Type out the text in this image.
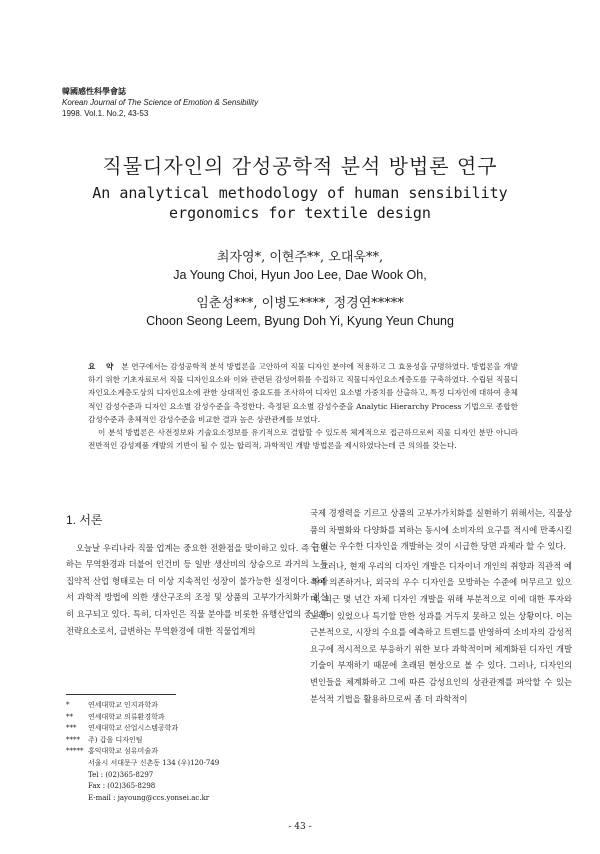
韓國感性科學會誌
Korean Journal of The Science of Emotion & Sensibility
1998. Vol.1. No.2, 43-53
직물디자인의 감성공학적 분석 방법론 연구
An analytical methodology of human sensibility
ergonomics for textile design
최자영*, 이현주**, 오대욱**,
Ja Young Choi, Hyun Joo Lee, Dae Wook Oh,
임춘성***, 이병도****, 정경연*****
Choon Seong Leem, Byung Doh Yi, Kyung Yeun Chung

요 약 본 연구에서는 감성공학적 분석 방법론을 고안하여 직물 디자인 분야에 적용하고 그 효용성을 규명하였다. 방법론을 개발하기 위한 기초자료로서 직물 디자인요소와 이와 관련된 감성어휘를 수집하고 직물디자인요소계층도를 구축하였다. 수립된 직물디자인요소계층도상의 디자인요소에 관한 상대적인 중요도를 조사하여 디자인 요소별 가중치를 산출하고, 특정 디자인에 대하여 총체적인 감성수준과 디자인 요소별 감성수준을 측정한다. 측정된 요소별 감성수준을 Analytic Hierarchy Process 기법으로 종합한 감성수준과 총체적인 감성수준을 비교한 결과 높은 상관관계를 보였다.

이 분석 방법론은 사전정보와 기술요소정보를 유기적으로 결합할 수 있도록 체계적으로 접근하므로써 직물 디자인 분만 아니라 전반적인 감성제품 개발의 기반이 될 수 있는 합리적, 과학적인 개발 방법론을 제시하였다는데 큰 의의를 갖는다.

1. 서론

오늘날 우리나라 직물 업계는 중요한 전환점을 맞이하고 있다. 즉 급변하는 무역환경과 더불어 인건비 등 일반 생산비의 상승으로 과거의 노동집약적 산업 형태로는 더 이상 지속적인 성장이 불가능한 실정이다. 따라서 과학적 방법에 의한 생산구조의 조정 및 상품의 고부가가치화가 절실히 요구되고 있다. 특히, 디자인은 직물 분야를 비롯한 유행산업의 중요한 전략요소로서, 급변하는 무역환경에 대한 직물업계의

*	연세대학교 인지과학과
**	연세대학교 의류환경학과
***	연세대학교 산업시스템공학과
****	주) 갑을 디자인팀
***** 홍익대학교 섬유미술과
서울시 서대문구 신촌동 134 (우)120-749
Tel : (02)365-8297
Fax : (02)365-8298
E-mail : jayoung@ccs.yonsei.ac.kr

국제 경쟁력을 기르고 상품의 고부가가치화를 실현하기 위해서는, 직물상품의 차별화와 다양화를 꾀하는 동시에 소비자의 요구를 적시에 만족시킬 수 있는 우수한 디자인을 개발하는 것이 시급한 당면 과제라 할 수 있다.

그러나, 현재 우리의 디자인 개발은 디자이너 개인의 취향과 직관적 예측에 의존하거나, 외국의 우수 디자인을 모방하는 수준에 머무르고 있으며, 최근 몇 년간 자체 디자인 개발을 위해 부분적으로 이에 대한 투자와 노력이 있었으나 특기할 만한 성과를 거두지 못하고 있는 상황이다. 이는 근본적으로, 시장의 수요를 예측하고 트렌드를 반영하여 소비자의 감성적 요구에 적시적으로 부응하기 위한 보다 과학적이며 체계화된 디자인 개발 기술이 부재하기 때문에 초래된 현상으로 볼 수 있다. 그러나, 디자인의 변인들을 체계화하고 그에 따른 감성요인의 상관관계를 파악할 수 있는 분석적 기법을 활용하므로써 좀 더 과학적이

- 43 -
